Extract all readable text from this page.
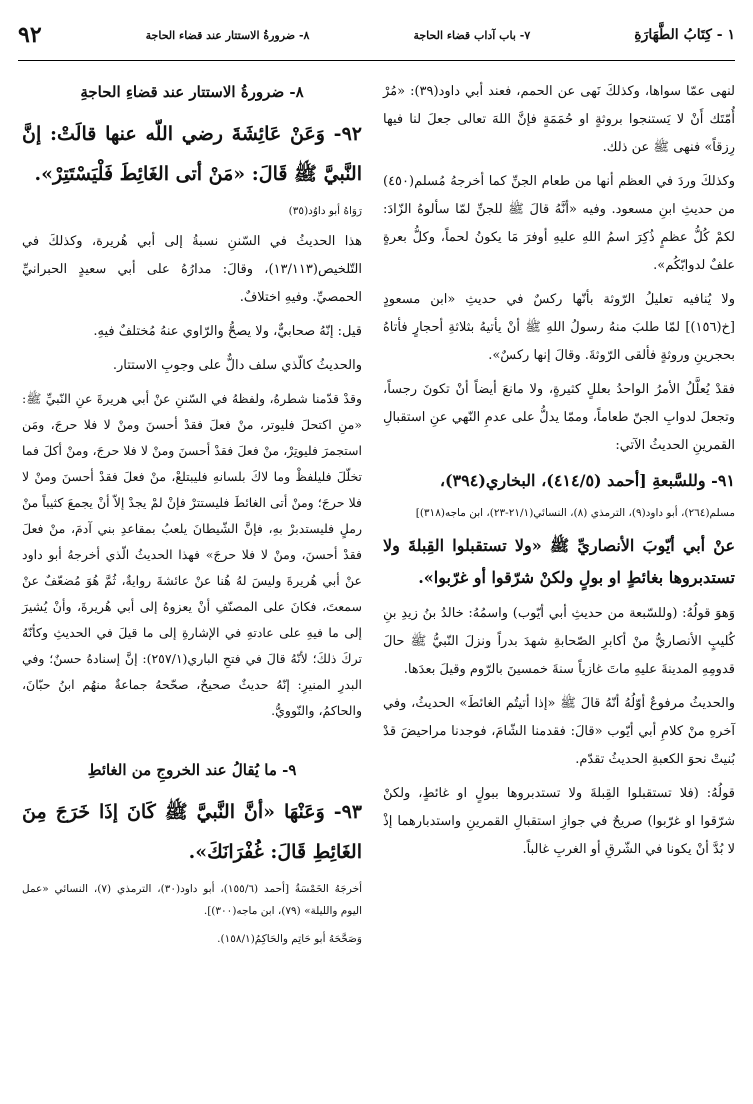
١ - كِتَابُ الطَّهَارَةِ
٧- باب آداب قضاء الحاجة
٨- ضرورةُ الاستتار عند قضاء الحاجة
٩٢

لنهى عمّا سواها، وكذلكَ نَهى عن الحمم، فعند أبي داود(٣٩): «مُرْ أُمّتَك أَنْ لا يَستنجوا بروثةٍ او حُمَمَةٍ فإنَّ اللهَ تعالى جعلَ لنا فيها رِزقاً» فنهى ﷺ عن ذلك.

وكذلكَ وردَ في العظم أنها من طعام الجنِّ كما أخرجهُ مُسلم(٤٥٠) من حديثِ ابنِ مسعود. وفيه «أنَّهُ قالَ ﷺ للجنِّ لمّا سألوهُ الزّادَ: لكمْ كُلُّ عظمٍ ذُكِرَ اسمُ اللهِ عليهِ أوفرَ مَا يكونُ لحماً، وكلُّ بعرةٍ علفٌ لدوابّكُم».

ولا يُنافيه تعليلُ الرّوثة بأنّها ركسٌ في حديثِ «ابن مسعودٍ [خ(١٥٦)] لمّا طلبَ منهُ رسولُ اللهِ ﷺ أنْ يأتيهُ بثلاثةِ أحجارٍ فأتاهُ بحجرينِ وروثةٍ فألقى الرّوثةَ. وقالَ إنها ركسٌ».

فقدْ يُعلَّلُ الأمرُ الواحدُ بعللٍ كثيرةٍ، ولا مانعَ أيضاً أنْ تكونَ رجساً، وتجعلَ لدوابِ الجنّ طعاماً، وممّا يدلُّ على عدمِ النّهي عنِ استقبالِ القمرينِ الحديثُ الآتي:

٩١- وللسَّبعةِ [أحمد (٤١٤/٥)، البخاري(٣٩٤)،

مسلم(٢٦٤)، أبو داود(٩)، الترمذي (٨)، النسائي(٢١/١-٢٣)، ابن ماجه(٣١٨)]

عنْ أبي أيّوبَ الأنصاريِّ ﷺ «ولا تستقبلوا القِبلةَ ولا تستدبروها بغائطٍ او بولٍ ولكنْ شرّقوا أو غرّبوا».

وَهوَ قولُهُ: (وللسّبعة من حديثِ أبي أيّوب) واسمُهُ: خالدُ بنُ زيدِ بنِ كُليبٍ الأنصاريُّ منْ أكابرِ الصّحابةِ شهدَ بدراً ونزلَ النّبيُّ ﷺ حالَ قدومِهِ المدينةَ عليهِ ماتَ غازياً سنةَ خمسينَ بالرّوم وقيلَ بعدَها.

والحديثُ مرفوعٌ أوّلُهُ أنّهُ قالَ ﷺ «إذا أتيتُم الغائطَ» الحديثُ، وفي آخرهِ منْ كلامِ أبي أيّوب «قالَ: فقدمنا الشّامَ، فوجدنا مراحيضَ قدْ بُنيتْ نحوَ الكعبةِ الحديثُ تقدّم.

قولُهُ: (فلا تستقبلوا القِبلةَ ولا تستدبروها ببولٍ او غائطٍ، ولكنْ شرّقوا او غرّبوا) صريحٌ في جوازِ استقبالِ القمرينِ واستدبارهما إذْ لا بُدَّ أنْ يكونا في الشّرقِ أو الغربِ غالباً.

٨- ضرورةُ الاستتار عند قضاءِ الحاجةِ

٩٢- وَعَنْ عَائِشَةَ رضي اللّه عنها قالَتْ: إنَّ النَّبيَّ ﷺ قَالَ: «مَنْ أتى الغَائِطَ فَلْيَسْتَتِرْ».

رَوَاهُ أبو داوُد(٣٥)

هذا الحديثُ في السّننِ نسبةُ إلى أبي هُريرة، وكذلكَ في التّلخيص(١٣/١١٣)، وقالَ: مدارُهُ على أبي سعيدٍ الحبرانيِّ الحمصيِّ. وفيهِ اختلافٌ.

قيل: إنّهُ صحابيٌّ، ولا يصحُّ والرّاوي عنهُ مُختلفٌ فيهِ.

والحديثُ كالّذي سلف دالٌّ على وجوبِ الاستتار.

وقدْ قدّمنا شطرهُ، ولفظهُ في السّننِ عنْ أبي هريرةَ عنِ النّبيِّ ﷺ: «منِ اكتحلَ فليوتر، منْ فعلَ فقدْ أحسنَ ومنْ لا فلا حرجَ، ومَن استجمرَ فليوتِرْ، منْ فعلَ فقدْ أحسنَ ومنْ لا فلا حرجَ، ومنْ أكلَ فما تخلّلَ فليلفظْ وما لاكَ بلسانهِ فليبتلعْ، منْ فعلَ فقدْ أحسنَ ومنْ لا فلا حرجَ؛ ومنْ أتى الغائطَ فليستترْ فإنْ لمْ يجدْ إلاّ أنْ يجمعَ كثيباً منْ رملٍ فليستدبرْ بهِ، فإنَّ الشّيطانَ يلعبُ بمقاعدِ بني آدمَ، منْ فعلَ فقدْ أحسنَ، ومنْ لا فلا حرجَ» فهذا الحديثُ الّذي أخرجهُ أبو داود عنْ أبي هُريرةَ وليسَ لهُ هُنا عنْ عائشةَ روايةٌ، ثُمَّ هُوَ مُضعّفٌ عنْ سمعتَ، فكانَ على المصنّفِ أنْ يعزوهُ إلى أبي هُريرةَ، وأنْ يُشيرَ إلى ما فيهِ على عادتهِ في الإشارةِ إلى ما قيلَ في الحديثِ وكأنّهُ تركَ ذلكَ؛ لأنّهُ قالَ في فتحِ الباري(٢٥٧/١): إنَّ إسنادهُ حسنٌ؛ وفي البدرِ المنيرِ: إنّهُ حديثٌ صحيحٌ، صحّحهُ جماعةٌ منهُم ابنُ حبّانَ، والحاكمُ، والنّوويُّ.

٩- ما يُقالُ عند الخروجِ من الغائطِ

٩٣- وَعَنْهَا «أنَّ النَّبيَّ ﷺ كَانَ إذَا خَرَجَ مِنَ الغَائِطِ قَالَ: غُفْرَانَكَ».

أخرجَهُ الخَمْسَةُ [أحمد (١٥٥/٦)، أبو داود(٣٠)، الترمذي (٧)، النسائي «عمل اليوم والليلة» (٧٩)، ابن ماجه(٣٠٠)].

وَصَحَّحَهُ أبو حَاتِم والحَاكِمُ(١٥٨/١).
